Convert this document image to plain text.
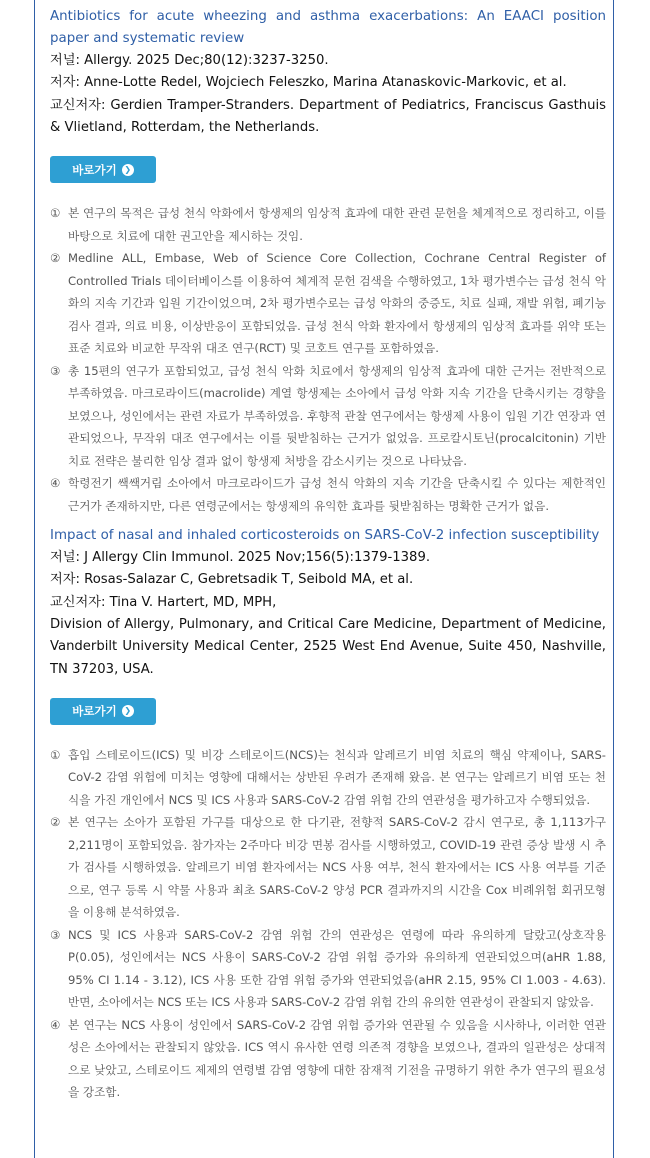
Antibiotics for acute wheezing and asthma exacerbations: An EAACI position paper and systematic review

저널: Allergy. 2025 Dec;80(12):3237-3250.

저자: Anne-Lotte Redel, Wojciech Feleszko, Marina Atanaskovic-Markovic, et al.

교신저자: Gerdien Tramper-Stranders. Department of Pediatrics, Franciscus Gasthuis & Vlietland, Rotterdam, the Netherlands.

바로가기 ❯
① 본 연구의 목적은 급성 천식 악화에서 항생제의 임상적 효과에 대한 관련 문헌을 체계적으로 정리하고, 이를 바탕으로 치료에 대한 권고안을 제시하는 것임.
② Medline ALL, Embase, Web of Science Core Collection, Cochrane Central Register of Controlled Trials 데이터베이스를 이용하여 체계적 문헌 검색을 수행하였고, 1차 평가변수는 급성 천식 악화의 지속 기간과 입원 기간이었으며, 2차 평가변수로는 급성 악화의 중증도, 치료 실패, 재발 위험, 폐기능 검사 결과, 의료 비용, 이상반응이 포함되었음. 급성 천식 악화 환자에서 항생제의 임상적 효과를 위약 또는 표준 치료와 비교한 무작위 대조 연구(RCT) 및 코호트 연구를 포함하였음.
③ 총 15편의 연구가 포함되었고, 급성 천식 악화 치료에서 항생제의 임상적 효과에 대한 근거는 전반적으로 부족하였음. 마크로라이드(macrolide) 계열 항생제는 소아에서 급성 악화 지속 기간을 단축시키는 경향을 보였으나, 성인에서는 관련 자료가 부족하였음. 후향적 관찰 연구에서는 항생제 사용이 입원 기간 연장과 연관되었으나, 무작위 대조 연구에서는 이를 뒷받침하는 근거가 없었음. 프로칼시토닌(procalcitonin) 기반 치료 전략은 불리한 임상 결과 없이 항생제 처방을 감소시키는 것으로 나타났음.
④ 학령전기 쌕쌕거림 소아에서 마크로라이드가 급성 천식 악화의 지속 기간을 단축시킬 수 있다는 제한적인 근거가 존재하지만, 다른 연령군에서는 항생제의 유익한 효과를 뒷받침하는 명확한 근거가 없음.

Impact of nasal and inhaled corticosteroids on SARS-CoV-2 infection susceptibility

저널: J Allergy Clin Immunol. 2025 Nov;156(5):1379-1389.

저자: Rosas-Salazar C, Gebretsadik T, Seibold MA, et al.

교신저자: Tina V. Hartert, MD, MPH,

Division of Allergy, Pulmonary, and Critical Care Medicine, Department of Medicine, Vanderbilt University Medical Center, 2525 West End Avenue, Suite 450, Nashville, TN 37203, USA.

바로가기 ❯
① 흡입 스테로이드(ICS) 및 비강 스테로이드(NCS)는 천식과 알레르기 비염 치료의 핵심 약제이나, SARS-CoV-2 감염 위험에 미치는 영향에 대해서는 상반된 우려가 존재해 왔음. 본 연구는 알레르기 비염 또는 천식을 가진 개인에서 NCS 및 ICS 사용과 SARS-CoV-2 감염 위험 간의 연관성을 평가하고자 수행되었음.
② 본 연구는 소아가 포함된 가구를 대상으로 한 다기관, 전향적 SARS-CoV-2 감시 연구로, 총 1,113가구 2,211명이 포함되었음. 참가자는 2주마다 비강 면봉 검사를 시행하였고, COVID-19 관련 증상 발생 시 추가 검사를 시행하였음. 알레르기 비염 환자에서는 NCS 사용 여부, 천식 환자에서는 ICS 사용 여부를 기준으로, 연구 등록 시 약물 사용과 최초 SARS-CoV-2 양성 PCR 결과까지의 시간을 Cox 비례위험 회귀모형을 이용해 분석하였음.
③ NCS 및 ICS 사용과 SARS-CoV-2 감염 위험 간의 연관성은 연령에 따라 유의하게 달랐고(상호작용 P(0.05), 성인에서는 NCS 사용이 SARS-CoV-2 감염 위험 증가와 유의하게 연관되었으며(aHR 1.88, 95% CI 1.14 - 3.12), ICS 사용 또한 감염 위험 증가와 연관되었음(aHR 2.15, 95% CI 1.003 - 4.63). 반면, 소아에서는 NCS 또는 ICS 사용과 SARS-CoV-2 감염 위험 간의 유의한 연관성이 관찰되지 않았음.
④ 본 연구는 NCS 사용이 성인에서 SARS-CoV-2 감염 위험 증가와 연관될 수 있음을 시사하나, 이러한 연관성은 소아에서는 관찰되지 않았음. ICS 역시 유사한 연령 의존적 경향을 보였으나, 결과의 일관성은 상대적으로 낮았고, 스테로이드 제제의 연령별 감염 영향에 대한 잠재적 기전을 규명하기 위한 추가 연구의 필요성을 강조함.
